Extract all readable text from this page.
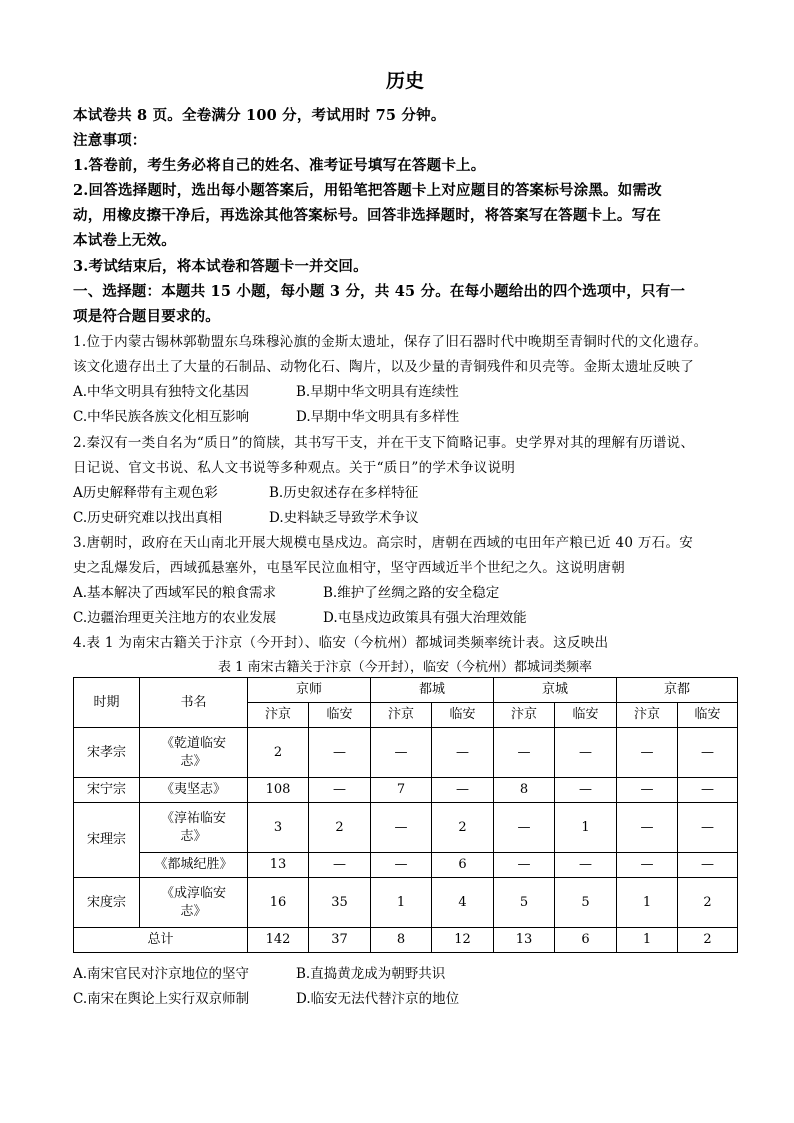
历史
本试卷共 8 页。全卷满分 100 分，考试用时 75 分钟。
注意事项：
1.答卷前，考生务必将自己的姓名、准考证号填写在答题卡上。
2.回答选择题时，选出每小题答案后，用铅笔把答题卡上对应题目的答案标号涂黑。如需改
动，用橡皮擦干净后，再选涂其他答案标号。回答非选择题时，将答案写在答题卡上。写在
本试卷上无效。
3.考试结束后，将本试卷和答题卡一并交回。
一、选择题：本题共 15 小题，每小题 3 分，共 45 分。在每小题给出的四个选项中，只有一
项是符合题目要求的。
1.位于内蒙古锡林郭勒盟东乌珠穆沁旗的金斯太遗址，保存了旧石器时代中晚期至青铜时代的文化遗存。
该文化遗存出土了大量的石制品、动物化石、陶片，以及少量的青铜残件和贝壳等。金斯太遗址反映了
A.中华文明具有独特文化基因	B.早期中华文明具有连续性
C.中华民族各族文化相互影响	D.早期中华文明具有多样性
2.秦汉有一类自名为“质日”的简牍，其书写干支，并在干支下简略记事。史学界对其的理解有历谱说、
日记说、官文书说、私人文书说等多种观点。关于“质日”的学术争议说明
A历史解释带有主观色彩	B.历史叙述存在多样特征
C.历史研究难以找出真相	D.史料缺乏导致学术争议
3.唐朝时，政府在天山南北开展大规模屯垦戍边。高宗时，唐朝在西域的屯田年产粮已近 40 万石。安
史之乱爆发后，西域孤悬塞外，屯垦军民泣血相守，坚守西域近半个世纪之久。这说明唐朝
A.基本解决了西域军民的粮食需求	B.维护了丝绸之路的安全稳定
C.边疆治理更关注地方的农业发展	D.屯垦戍边政策具有强大治理效能
4.表 1 为南宋古籍关于汴京（今开封）、临安（今杭州）都城词类频率统计表。这反映出
表 1 南宋古籍关于汴京（今开封），临安（今杭州）都城词类频率
时期	书名	京师		都城		京城		京都	
		汴京	临安	汴京	临安	汴京	临安	汴京	临安
宋孝宗	《乾道临安
志》	2	—	—	—	—	—	—	—
宋宁宗	《夷坚志》	108	—	7	—	8	—	—	—
宋理宗	《淳祐临安
志》	3	2	—	2	—	1	—	—
	《都城纪胜》	13	—	—	6	—	—	—	—
宋度宗	《成淳临安
志》	16	35	1	4	5	5	1	2
总计		142	37	8	12	13	6	1	2
A.南宋官民对汴京地位的坚守	B.直捣黄龙成为朝野共识
C.南宋在舆论上实行双京师制	D.临安无法代替汴京的地位
